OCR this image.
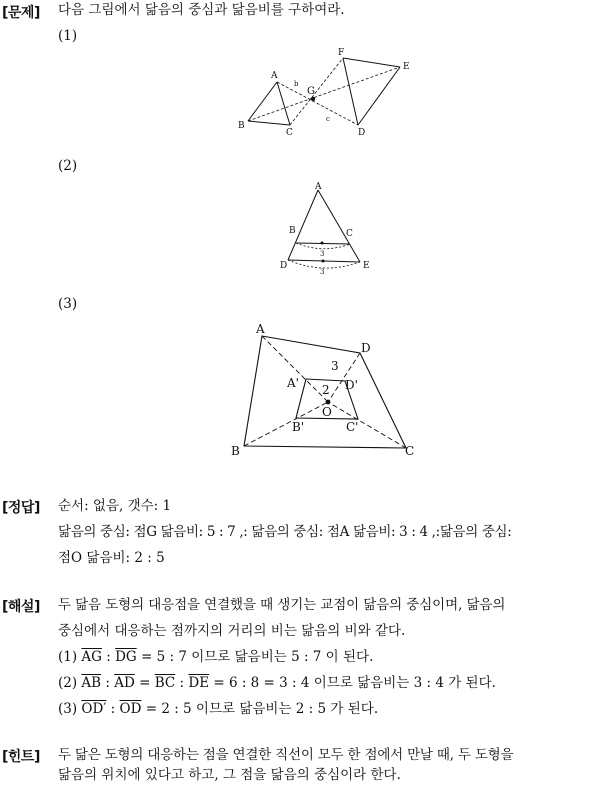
[문제] 다음 그림에서 닮음의 중심과 닮음비를 구하여라.
(1)
A
B
C	D
E
F
G
b
c
(2)
A
B	C
D	E
3
3
(3)
A
D
B	C
A'	D'
B'	C'
O
3
2
[정답] 순서: 없음, 갯수: 1
닮음의 중심: 점G 닮음비: 5 : 7 ,: 닮음의 중심: 점A 닮음비: 3 : 4 ,:닮음의 중심:
점O 닮음비: 2 : 5
[해설] 두 닮음 도형의 대응점을 연결했을 때 생기는 교점이 닮음의 중심이며, 닮음의
중심에서 대응하는 점까지의 거리의 비는 닮음의 비와 같다.
(1) $\overline{AG}$ : $\overline{DG} = 5$ : 7 이므로 닮음비는 5 : 7 이 된다.
(2) $\overline{AB}$ : $\overline{AD} = \overline{BC}$ : $\overline{DE} = 6$ : 8 = 3 : 4 이므로 닮음비는 3 : 4 가 된다.
(3) OD′ : $\overline{OD} = 2$ : 5 이므로 닮음비는 2 : 5 가 된다.
[힌트] 두 닮은 도형의 대응하는 점을 연결한 직선이 모두 한 점에서 만날 때, 두 도형을
닮음의 위치에 있다고 하고, 그 점을 닮음의 중심이라 한다.
